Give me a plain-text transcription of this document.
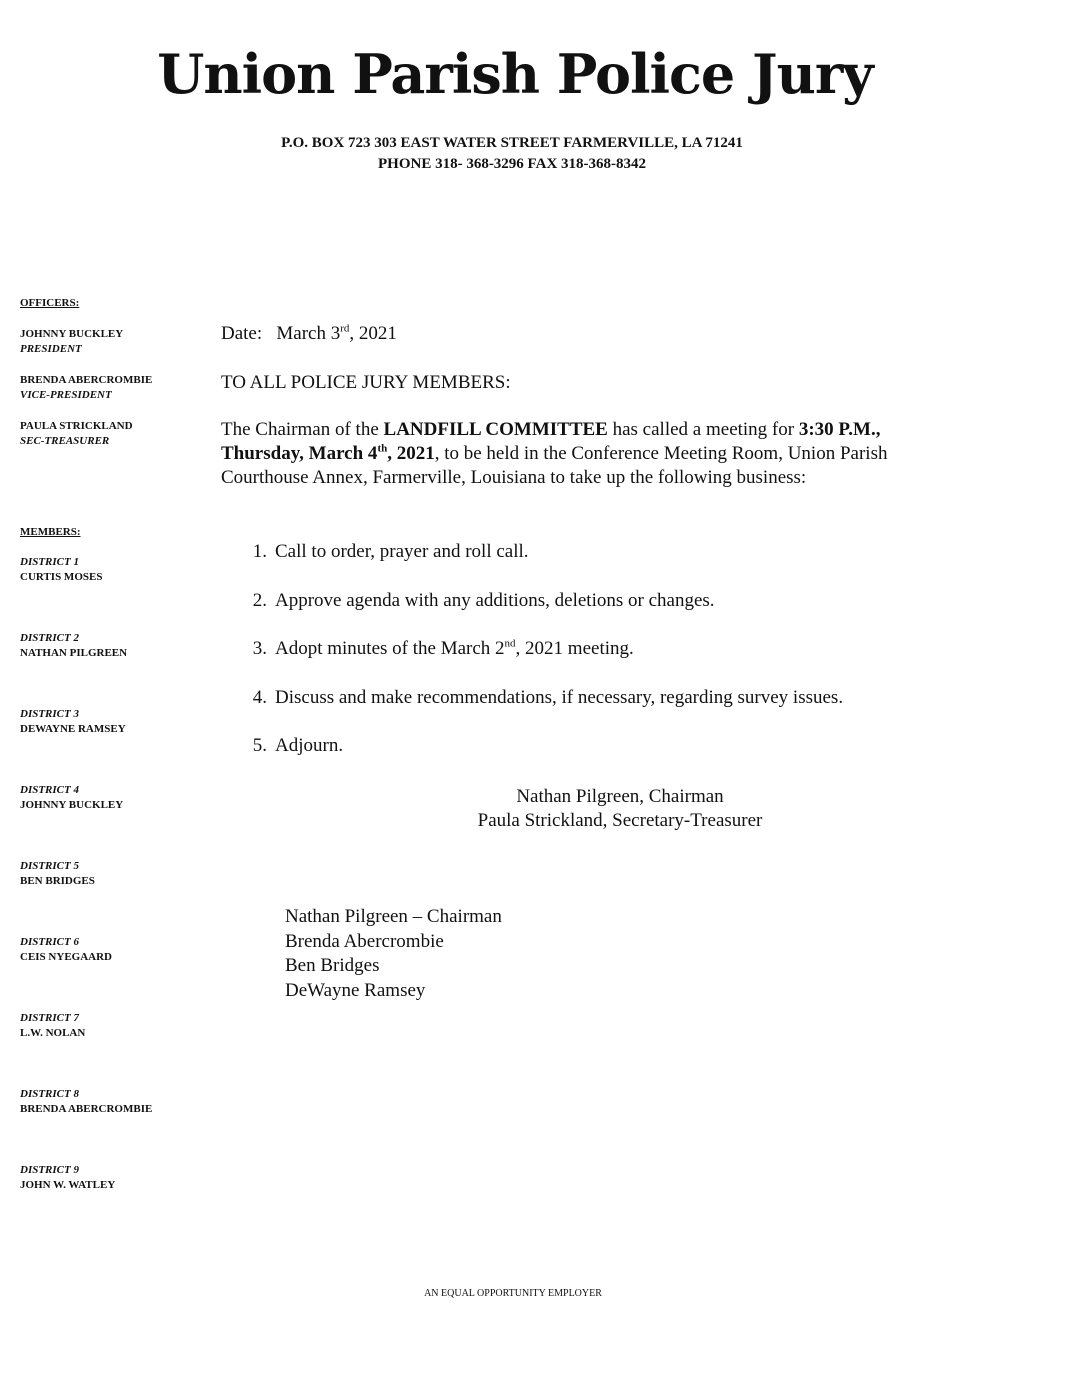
Union Parish Police Jury
P.O. BOX 723 303 EAST WATER STREET FARMERVILLE, LA 71241
PHONE 318- 368-3296 FAX 318-368-8342
OFFICERS:
JOHNNY BUCKLEY
PRESIDENT
BRENDA ABERCROMBIE
VICE-PRESIDENT
PAULA STRICKLAND
SEC-TREASURER
MEMBERS:
DISTRICT 1
CURTIS MOSES
DISTRICT 2
NATHAN PILGREEN
DISTRICT 3
DEWAYNE RAMSEY
DISTRICT 4
JOHNNY BUCKLEY
DISTRICT 5
BEN BRIDGES
DISTRICT 6
CEIS NYEGAARD
DISTRICT 7
L.W. NOLAN
DISTRICT 8
BRENDA ABERCROMBIE
DISTRICT 9
JOHN W. WATLEY
Date: March 3rd, 2021
TO ALL POLICE JURY MEMBERS:
The Chairman of the LANDFILL COMMITTEE has called a meeting for 3:30 P.M., Thursday, March 4th, 2021, to be held in the Conference Meeting Room, Union Parish Courthouse Annex, Farmerville, Louisiana to take up the following business:
1. Call to order, prayer and roll call.
2. Approve agenda with any additions, deletions or changes.
3. Adopt minutes of the March 2nd, 2021 meeting.
4. Discuss and make recommendations, if necessary, regarding survey issues.
5. Adjourn.
Nathan Pilgreen, Chairman
Paula Strickland, Secretary-Treasurer
Nathan Pilgreen – Chairman
Brenda Abercrombie
Ben Bridges
DeWayne Ramsey
AN EQUAL OPPORTUNITY EMPLOYER
